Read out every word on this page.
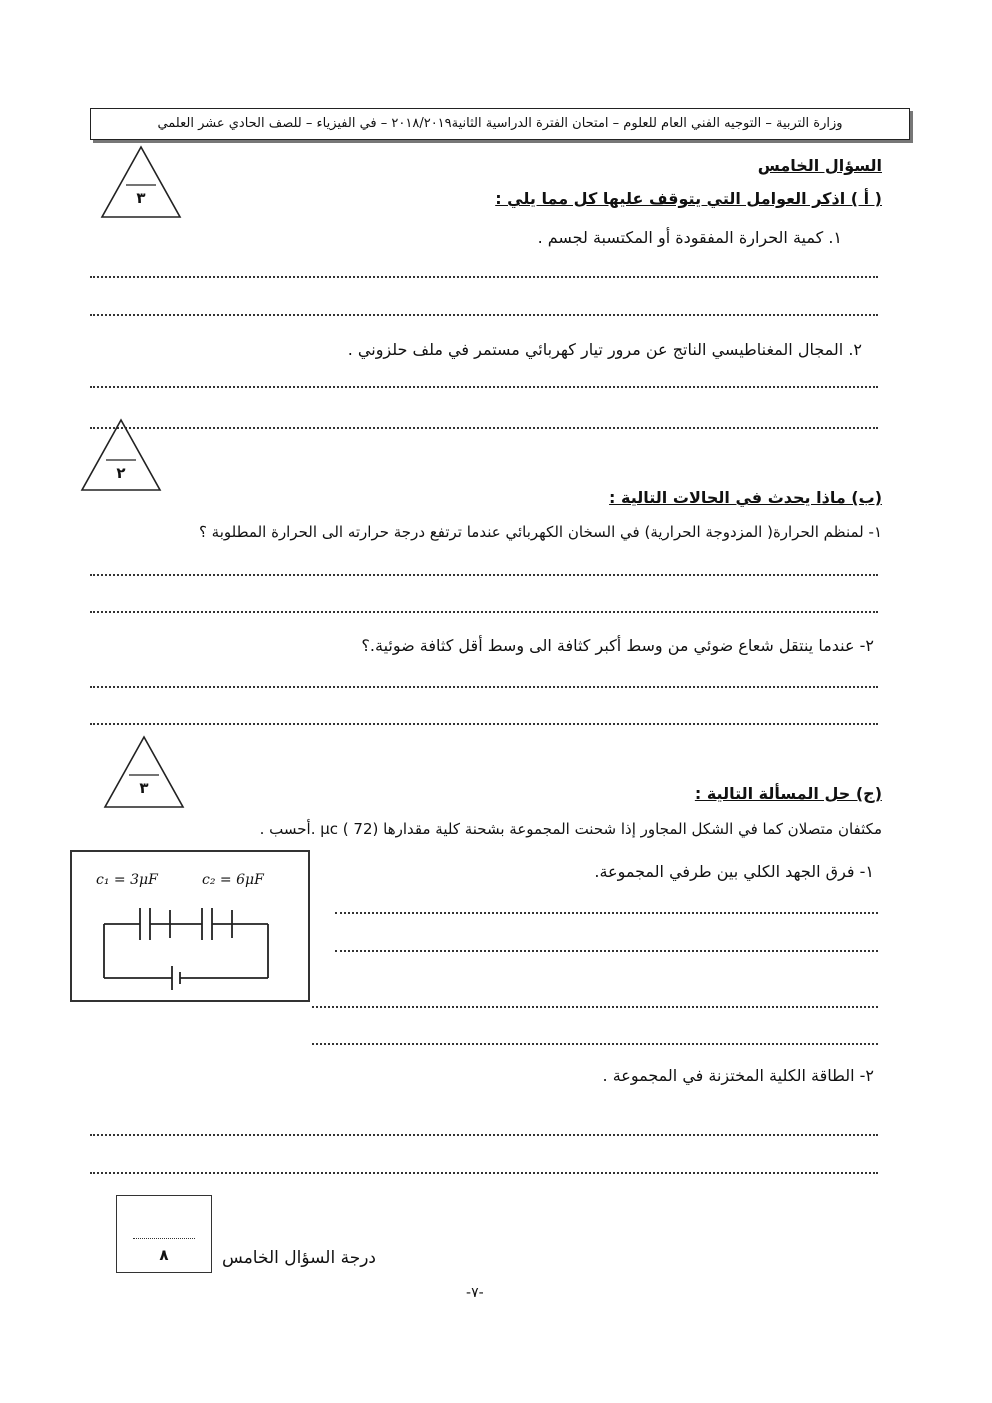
وزارة التربية – التوجيه الفني العام للعلوم – امتحان الفترة الدراسية الثانية٢٠١٨/٢٠١٩ – في الفيزياء – للصف الحادي عشر العلمي
٣
السؤال الخامس
( أ ) اذكر العوامل التي يتوقف عليها كل مما يلي :
١. كمية الحرارة المفقودة أو المكتسبة لجسم .
٢. المجال المغناطيسي الناتج عن مرور تيار كهربائي مستمر في ملف حلزوني .
٢
(ب) ماذا يحدث في الحالات التالية :
١- لمنظم الحرارة( المزدوجة الحرارية) في السخان الكهربائي عندما ترتفع درجة حرارته الى الحرارة المطلوبة ؟
٢- عندما ينتقل شعاع ضوئي من وسط أكبر كثافة الى وسط أقل كثافة ضوئية.؟
٣	(ج) حل المسألة التالية :
مكثفان متصلان كما في الشكل المجاور إذا شحنت المجموعة بشحنة كلية مقدارها μc ( 72) .أحسب .
c₁ = 3μF	c₂ = 6μF	١- فرق الجهد الكلي بين طرفي المجموعة.
٢- الطاقة الكلية المختزنة في المجموعة .
٨	درجة السؤال الخامس
-٧-
